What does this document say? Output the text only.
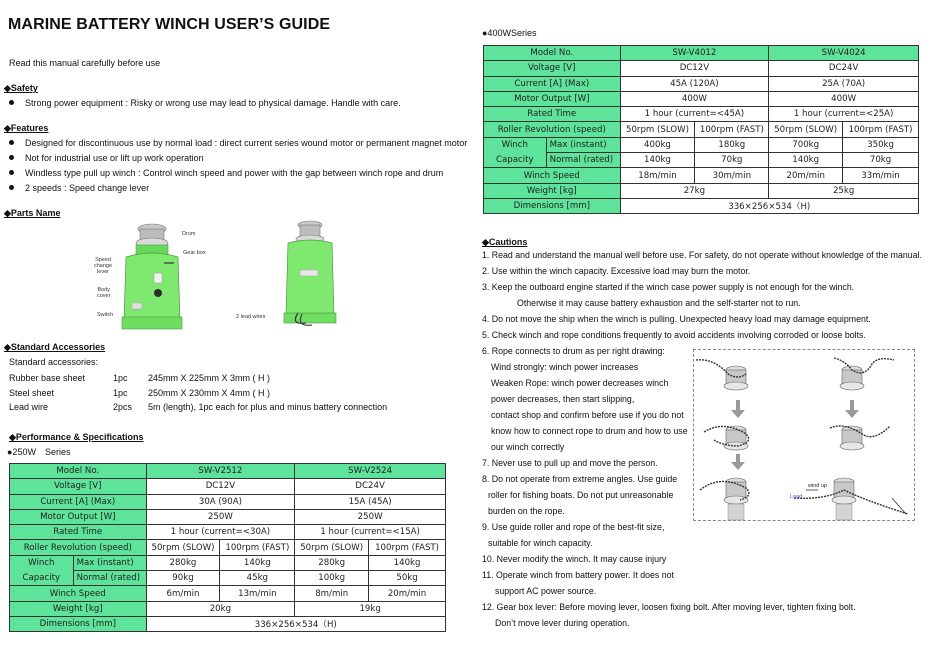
MARINE BATTERY WINCH USER’S GUIDE
Read this manual carefully before use
◆Safety
Strong power equipment : Risky or wrong use may lead to physical damage. Handle with care.
◆Features
Designed for discontinuous use by normal load : direct current series wound motor or permanent magnet motor
Not for industrial use or lift up work operation
Windless type pull up winch : Control winch speed and power with the gap between winch rope and drum
2 speeds : Speed change lever
◆Parts Name
Drum
Gear box
Speed
change
lever
Body
cover
Switch	2 lead wires
◆Standard Accessories
Standard accessories:
Rubber base sheet	1pc 245mm X 225mm X 3mm ( H )
Steel sheet	1pc 250mm X 230mm X 4mm ( H )
Lead wire	2pcs 5m (length), 1pc each for plus and minus battery connection
◆Performance & Specifications
●250W　Series
Model No.		SW-V2512		SW-V2524	
Voltage [V]		DC12V		DC24V	
Current [A] (Max)		30A (90A)		15A (45A)	
Motor Output [W]		250W		250W	
Rated Time		1 hour (current=<30A)		1 hour (current=<15A)	
Roller Revolution (speed)		50rpm (SLOW)	100rpm (FAST)	50rpm (SLOW)	100rpm (FAST)
Winch	Max (instant)	280kg	140kg	280kg	140kg
Capacity	Normal (rated)	90kg	45kg	100kg	50kg
Winch Speed		6m/min	13m/min	8m/min	20m/min
Weight [kg]		20kg		19kg	
Dimensions [mm]		336×256×534（H)			
●400WSeries
Model No.		SW-V4012		SW-V4024	
Voltage [V]		DC12V		DC24V	
Current [A] (Max)		45A (120A)		25A (70A)	
Motor Output [W]		400W		400W	
Rated Time		1 hour (current=<45A)		1 hour (current=<25A)	
Roller Revolution (speed)		50rpm (SLOW)	100rpm (FAST)	50rpm (SLOW)	100rpm (FAST)
Winch	Max (instant)	400kg	180kg	700kg	350kg
Capacity	Normal (rated)	140kg	70kg	140kg	70kg
Winch Speed		18m/min	30m/min	20m/min	33m/min
Weight [kg]		27kg		25kg	
Dimensions [mm]		336×256×534（H)			
◆Cautions
1. Read and understand the manual well before use. For safety, do not operate without knowledge of the manual.
2. Use within the winch capacity. Excessive load may burn the motor.
3. Keep the outboard engine started if the winch case power supply is not enough for the winch.
Otherwise it may cause battery exhaustion and the self-starter not to run.
4. Do not move the ship when the winch is pulling. Unexpected heavy load may damage equipment.
5. Check winch and rope conditions frequently to avoid accidents involving corroded or loose bolts.
6. Rope connects to drum as per right drawing:
Wind strongly: winch power increases
Weaken Rope: winch power decreases winch
power decreases, then start slipping,
contact shop and confirm before use if you do not
know how to connect rope to drum and how to use
our winch correctly
7. Never use to pull up and move the person.
8. Do not operate from extreme angles. Use guide
roller for fishing boats. Do not put unreasonable
burden on the rope.
9. Use guide roller and rope of the best-fit size,
suitable for winch capacity.
10. Never modify the winch. It may cause injury
11. Operate winch from battery power. It does not
support AC power source.
12. Gear box lever: Before moving lever, loosen fixing bolt. After moving lever, tighten fixing bolt.
Don’t move lever during operation.
wind up
Load
